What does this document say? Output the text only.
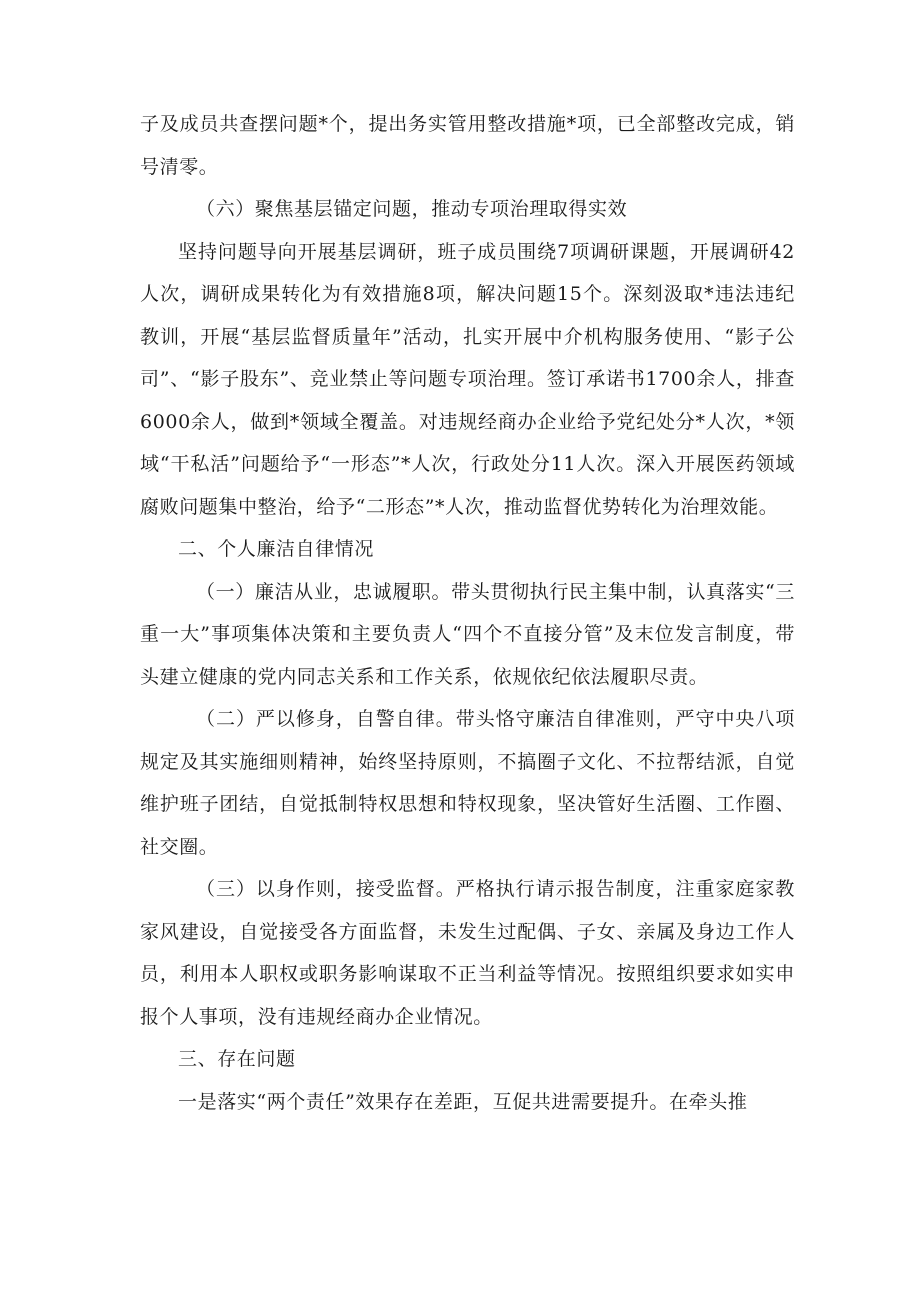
子及成员共查摆问题*个，提出务实管用整改措施*项，已全部整改完成，销号清零。

（六）聚焦基层锚定问题，推动专项治理取得实效

坚持问题导向开展基层调研，班子成员围绕7项调研课题，开展调研42人次，调研成果转化为有效措施8项，解决问题15个。深刻汲取*违法违纪教训，开展“基层监督质量年”活动，扎实开展中介机构服务使用、“影子公司”、“影子股东”、竞业禁止等问题专项治理。签订承诺书1700余人，排查6000余人，做到*领域全覆盖。对违规经商办企业给予党纪处分*人次，*领域“干私活”问题给予“一形态”*人次，行政处分11人次。深入开展医药领域腐败问题集中整治，给予“二形态”*人次，推动监督优势转化为治理效能。

二、个人廉洁自律情况

（一）廉洁从业，忠诚履职。带头贯彻执行民主集中制，认真落实“三重一大”事项集体决策和主要负责人“四个不直接分管”及末位发言制度，带头建立健康的党内同志关系和工作关系，依规依纪依法履职尽责。

（二）严以修身，自警自律。带头恪守廉洁自律准则，严守中央八项规定及其实施细则精神，始终坚持原则，不搞圈子文化、不拉帮结派，自觉维护班子团结，自觉抵制特权思想和特权现象，坚决管好生活圈、工作圈、社交圈。

（三）以身作则，接受监督。严格执行请示报告制度，注重家庭家教家风建设，自觉接受各方面监督，未发生过配偶、子女、亲属及身边工作人员，利用本人职权或职务影响谋取不正当利益等情况。按照组织要求如实申报个人事项，没有违规经商办企业情况。

三、存在问题

一是落实“两个责任”效果存在差距，互促共进需要提升。在牵头推
